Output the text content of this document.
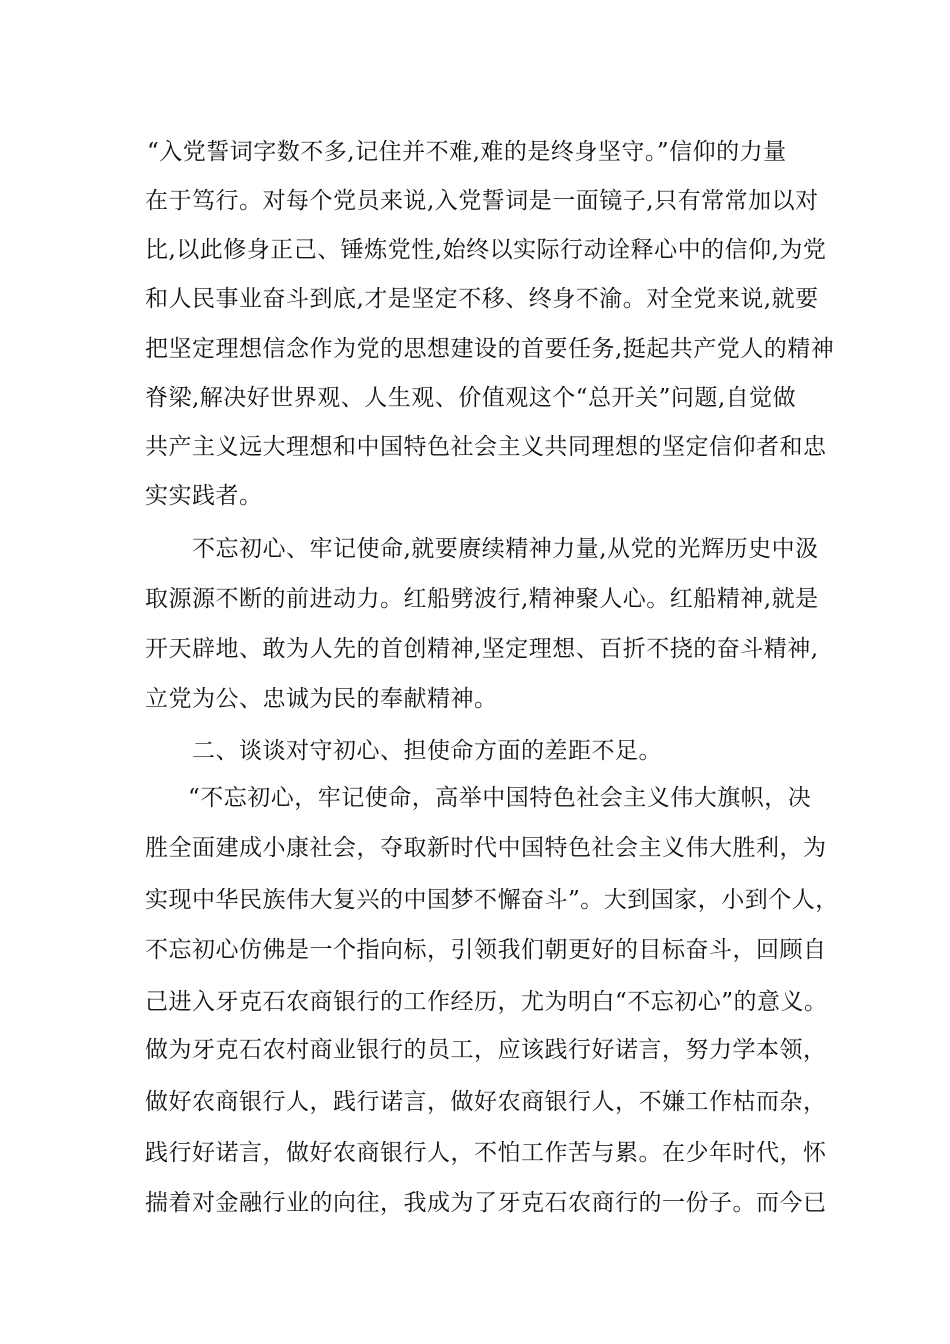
“入党誓词字数不多,记住并不难,难的是终身坚守。”信仰的力量
在于笃行。对每个党员来说,入党誓词是一面镜子,只有常常加以对
比,以此修身正己、锤炼党性,始终以实际行动诠释心中的信仰,为党
和人民事业奋斗到底,才是坚定不移、终身不渝。对全党来说,就要
把坚定理想信念作为党的思想建设的首要任务,挺起共产党人的精神
脊梁,解决好世界观、人生观、价值观这个“总开关”问题,自觉做
共产主义远大理想和中国特色社会主义共同理想的坚定信仰者和忠
实实践者。
不忘初心、牢记使命,就要赓续精神力量,从党的光辉历史中汲
取源源不断的前进动力。红船劈波行,精神聚人心。红船精神,就是
开天辟地、敢为人先的首创精神,坚定理想、百折不挠的奋斗精神,
立党为公、忠诚为民的奉献精神。
二、谈谈对守初心、担使命方面的差距不足。
“不忘初心，牢记使命，高举中国特色社会主义伟大旗帜，决
胜全面建成小康社会，夺取新时代中国特色社会主义伟大胜利，为
实现中华民族伟大复兴的中国梦不懈奋斗”。大到国家，小到个人，
不忘初心仿佛是一个指向标，引领我们朝更好的目标奋斗，回顾自
己进入牙克石农商银行的工作经历，尤为明白“不忘初心”的意义。
做为牙克石农村商业银行的员工，应该践行好诺言，努力学本领，
做好农商银行人，践行诺言，做好农商银行人，不嫌工作枯而杂，
践行好诺言，做好农商银行人，不怕工作苦与累。在少年时代，怀
揣着对金融行业的向往，我成为了牙克石农商行的一份子。而今已
